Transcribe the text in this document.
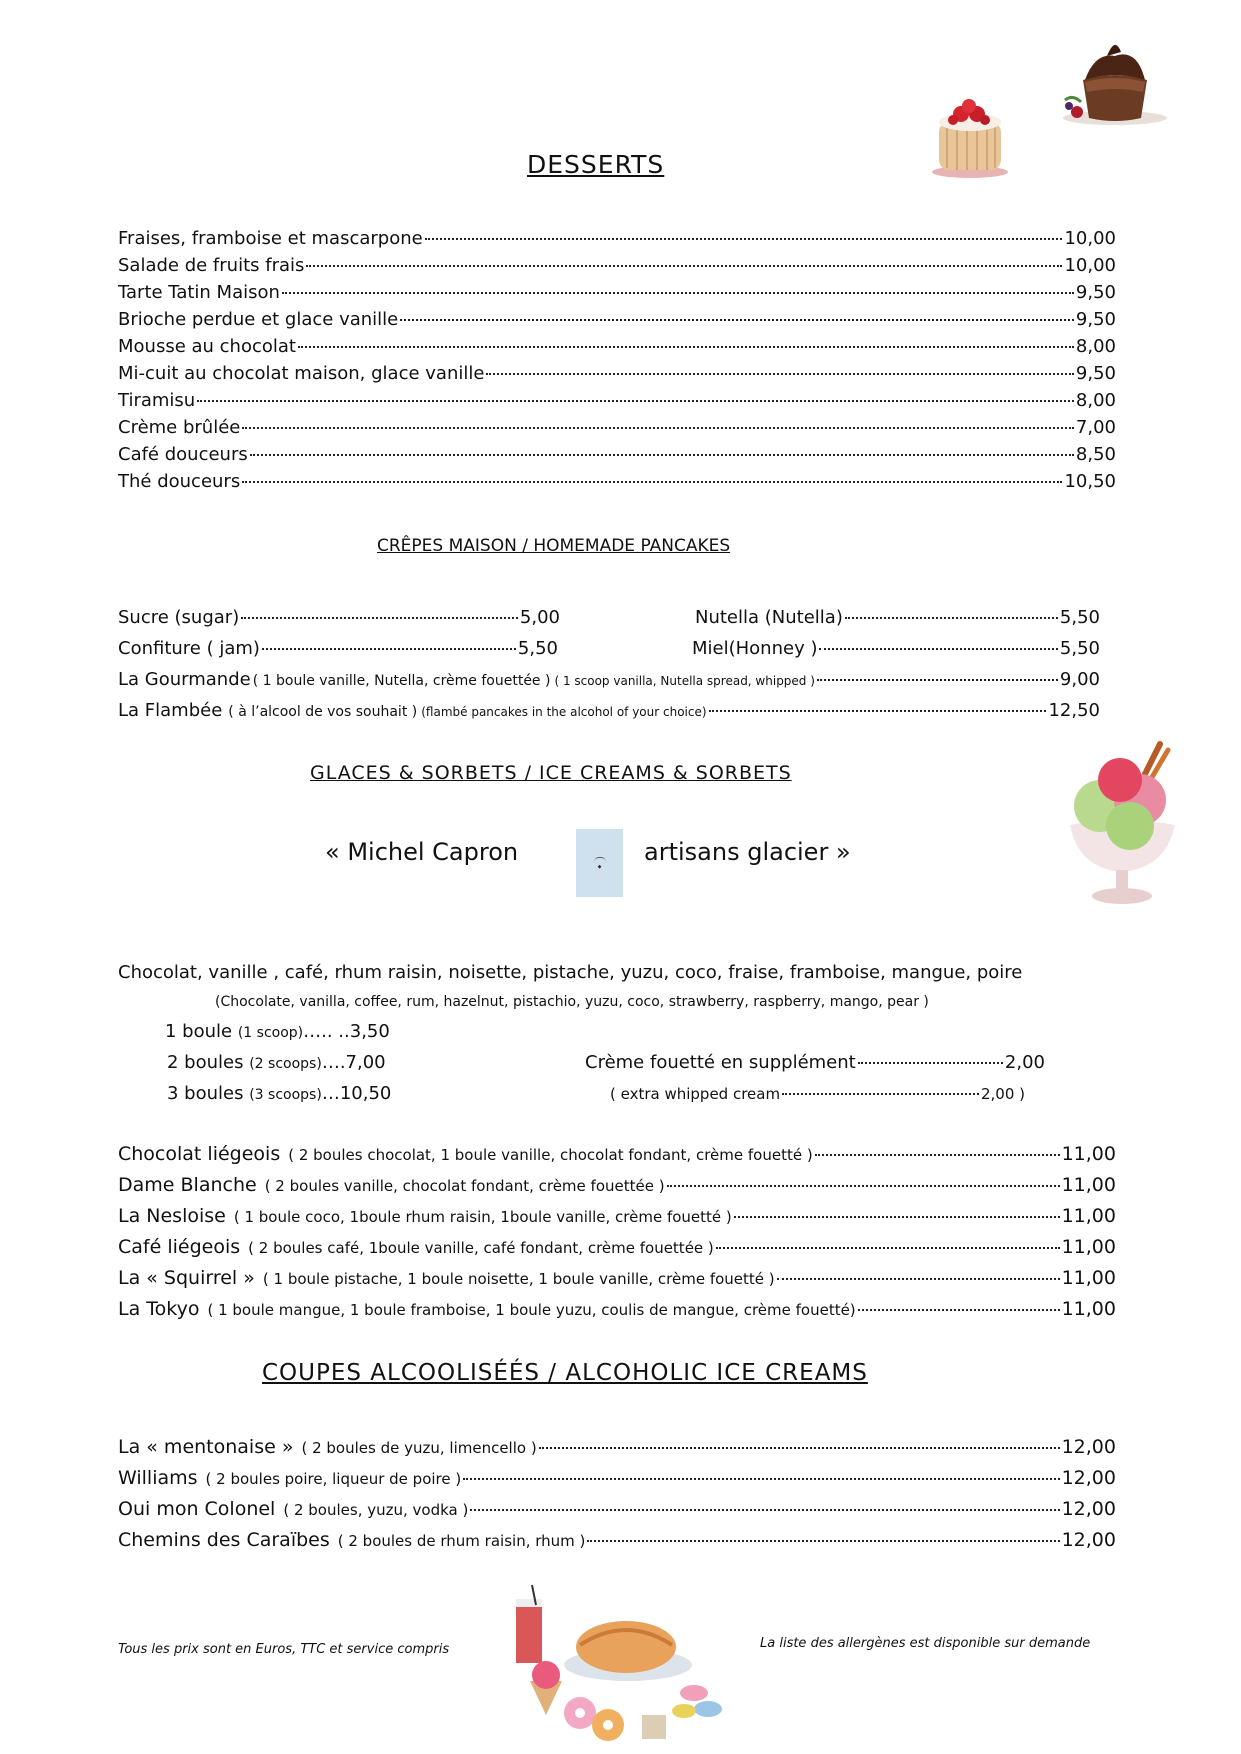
DESSERTS
Fraises, framboise et mascarpone	10,00
Salade de fruits frais	10,00
Tarte Tatin Maison	9,50
Brioche perdue et glace vanille	9,50
Mousse au chocolat	8,00
Mi-cuit au chocolat maison, glace vanille	9,50
Tiramisu	8,00
Crème brûlée	7,00
Café douceurs	8,50
Thé douceurs	10,50
CRÊPES MAISON / HOMEMADE PANCAKES
Sucre (sugar)	5,00
Confiture ( jam)	5,50
Nutella (Nutella)	5,50
Miel(Honney )	5,50
La Gourmande ( 1 boule vanille, Nutella, crème fouettée ) ( 1 scoop vanilla, Nutella spread, whipped )	9,00
La Flambée ( à l’alcool de vos souhait ) (flambé pancakes in the alcohol of your choice)	12,50
GLACES & SORBETS / ICE CREAMS & SORBETS
« Michel Capron
◆
artisans glacier »
Chocolat, vanille , café, rhum raisin, noisette, pistache, yuzu, coco, fraise, framboise, mangue, poire
(Chocolate, vanilla, coffee, rum, hazelnut, pistachio, yuzu, coco, strawberry, raspberry, mango, pear )
1 boule (1 scoop)….. ..3,50
2 boules (2 scoops)….7,00
3 boules (3 scoops)…10,50
Crème fouetté en supplément	2,00
( extra whipped cream	2,00 )
Chocolat liégeois ( 2 boules chocolat, 1 boule vanille, chocolat fondant, crème fouetté )	11,00
Dame Blanche ( 2 boules vanille, chocolat fondant, crème fouettée )	11,00
La Nesloise ( 1 boule coco, 1boule rhum raisin, 1boule vanille, crème fouetté )	11,00
Café liégeois ( 2 boules café, 1boule vanille, café fondant, crème fouettée )	11,00
La « Squirrel » ( 1 boule pistache, 1 boule noisette, 1 boule vanille, crème fouetté )	11,00
La Tokyo ( 1 boule mangue, 1 boule framboise, 1 boule yuzu, coulis de mangue, crème fouetté)	11,00
COUPES ALCOOLISÉÉS / ALCOHOLIC ICE CREAMS
La « mentonaise » ( 2 boules de yuzu, limencello )	12,00
Williams ( 2 boules poire, liqueur de poire )	12,00
Oui mon Colonel ( 2 boules, yuzu, vodka )	12,00
Chemins des Caraïbes ( 2 boules de rhum raisin, rhum )	12,00
Tous les prix sont en Euros, TTC et service compris	La liste des allergènes est disponible sur demande
